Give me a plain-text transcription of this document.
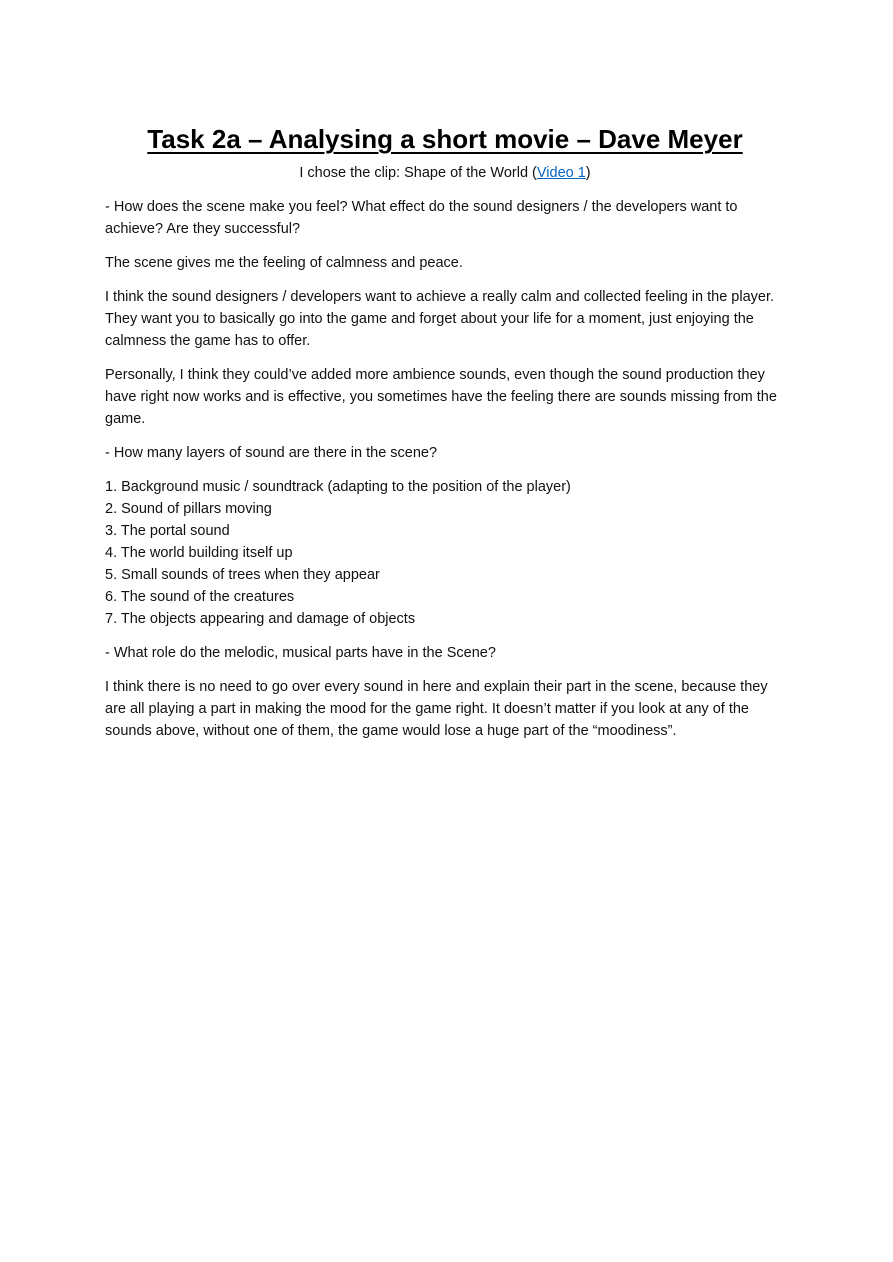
Task 2a – Analysing a short movie – Dave Meyer

I chose the clip: Shape of the World (Video 1)

- How does the scene make you feel? What effect do the sound designers / the developers want to achieve? Are they successful?

The scene gives me the feeling of calmness and peace.

I think the sound designers / developers want to achieve a really calm and collected feeling in the player. They want you to basically go into the game and forget about your life for a moment, just enjoying the calmness the game has to offer.

Personally, I think they could’ve added more ambience sounds, even though the sound production they have right now works and is effective, you sometimes have the feeling there are sounds missing from the game.

- How many layers of sound are there in the scene?

1. Background music / soundtrack (adapting to the position of the player)
2. Sound of pillars moving
3. The portal sound
4. The world building itself up
5. Small sounds of trees when they appear
6. The sound of the creatures
7. The objects appearing and damage of objects

- What role do the melodic, musical parts have in the Scene?

I think there is no need to go over every sound in here and explain their part in the scene, because they are all playing a part in making the mood for the game right. It doesn’t matter if you look at any of the sounds above, without one of them, the game would lose a huge part of the “moodiness”.
